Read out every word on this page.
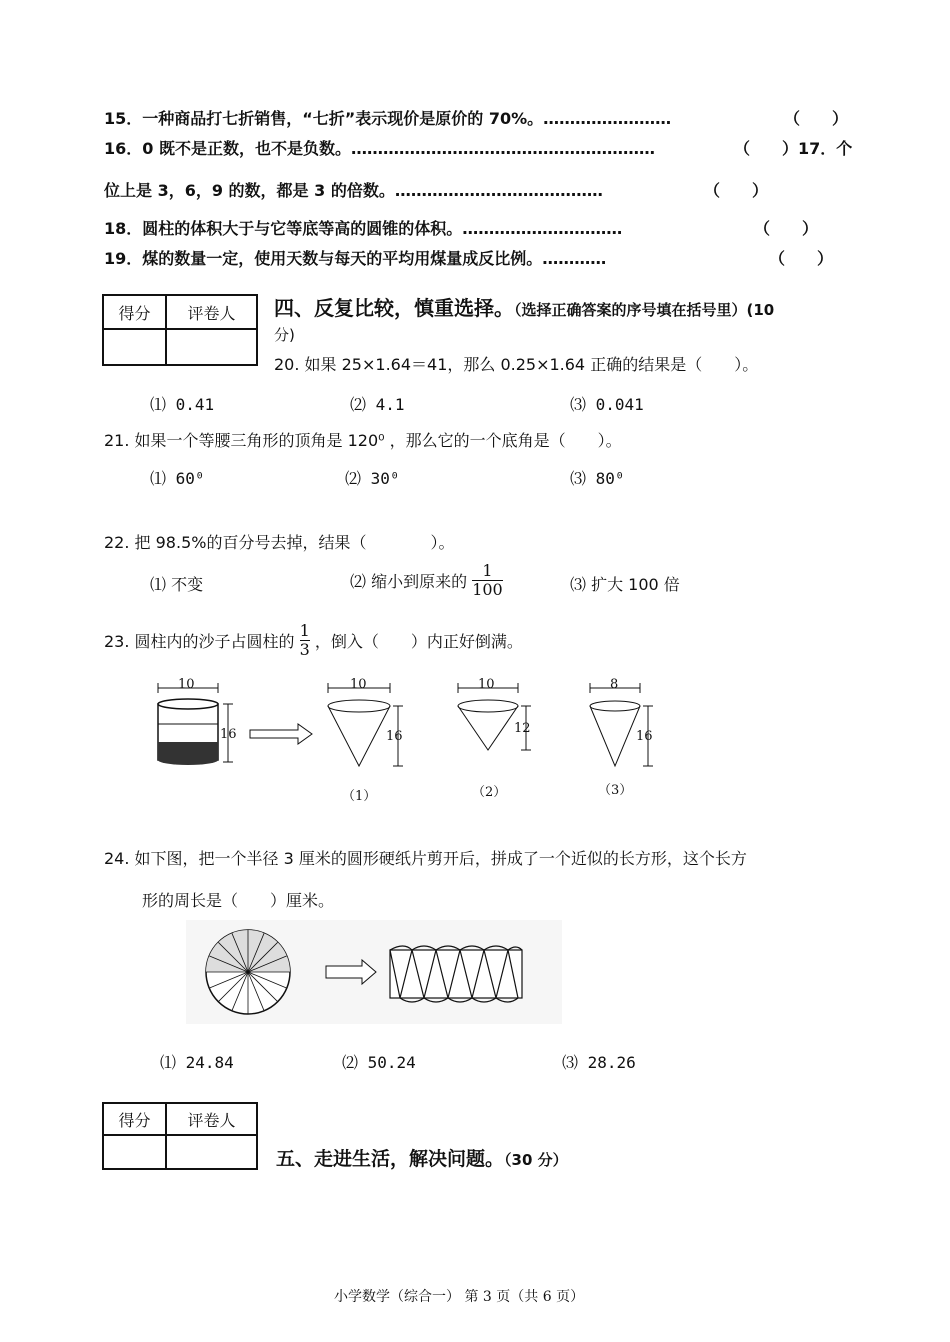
15．一种商品打七折销售，“七折”表示现价是原价的 70%。……………………	（　　）
16．0 既不是正数，也不是负数。…………………………………………………	（　　）17．个
位上是 3，6，9 的数，都是 3 的倍数。…………………………………	（　　）
18．圆柱的体积大于与它等底等高的圆锥的体积。…………………………	（　　）
19．煤的数量一定，使用天数与每天的平均用煤量成反比例。…………	（　　）
得分	评卷人
	四、反复比较，慎重选择。（选择正确答案的序号填在括号里）(10
分)
20. 如果 25×1.64＝41，那么 0.25×1.64 正确的结果是（　　）。
⑴ 0.41	⑵ 4.1	⑶ 0.041
21. 如果一个等腰三角形的顶角是 120⁰ ，那么它的一个底角是（　　）。
⑴ 60⁰	⑵ 30⁰	⑶ 80⁰
22. 把 98.5%的百分号去掉，结果（　　　　）。
⑴ 不变	⑵ 缩小到原来的 $\frac{1}{100}$	⑶ 扩大 100 倍
23. 圆柱内的沙子占圆柱的 $\frac{1}{3}$ ，倒入（　　）内正好倒满。
10
16
10
16
（1）
10
12
（2）
8
16
（3）
24. 如下图，把一个半径 3 厘米的圆形硬纸片剪开后，拼成了一个近似的长方形，这个长方
形的周长是（　　）厘米。
⑴ 24.84	⑵ 50.24	⑶ 28.26
得分	评卷人

五、走进生活，解决问题。（30 分）
小学数学（综合一） 第 3 页（共 6 页）
